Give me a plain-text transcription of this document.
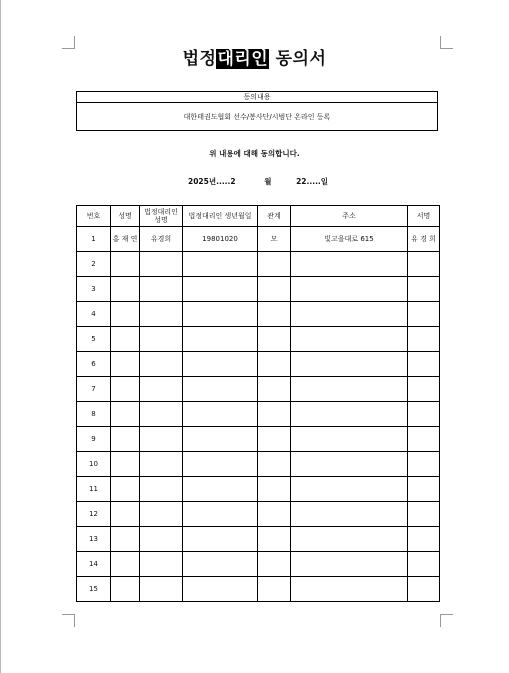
법정대리인 동의서
동의내용
대한태권도협회 선수/봉사단/시범단 온라인 등록
위 내용에 대해 동의합니다.
2025년.....2	월	22.....일
번호	성명	법정대리인 성명	법정대리인 생년월일	관계	주소	서명
1	홍 재 연	유경희	19801020	모	빛고을대로 615	유 경 희
2						
3						
4						
5						
6						
7						
8						
9						
10						
11						
12						
13						
14						
15						
